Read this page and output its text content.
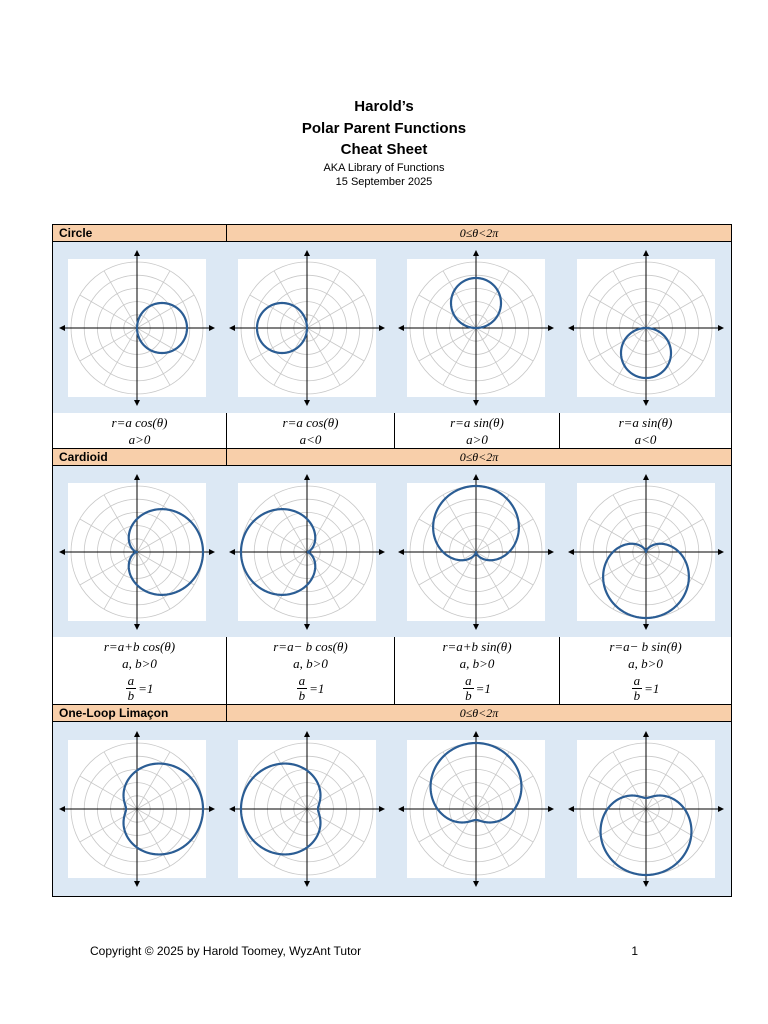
Harold’s
Polar Parent Functions
Cheat Sheet
AKA Library of Functions
15 September 2025
Circle	0≤θ<2π
r=a cos(θ)
a>0
r=a cos(θ)
a<0
r=a sin(θ)
a>0
r=a sin(θ)
a<0
Cardioid	0≤θ<2π
r=a+b cos(θ)
a, b>0
$\frac{a}{b} =1$
r=a− b cos(θ)
a, b>0
$\frac{a}{b} =1$
r=a+b sin(θ)
a, b>0
$\frac{a}{b} =1$
r=a− b sin(θ)
a, b>0
$\frac{a}{b} =1$
One-Loop Limaçon	0≤θ<2π
Copyright © 2025 by Harold Toomey, WyzAnt Tutor	1
